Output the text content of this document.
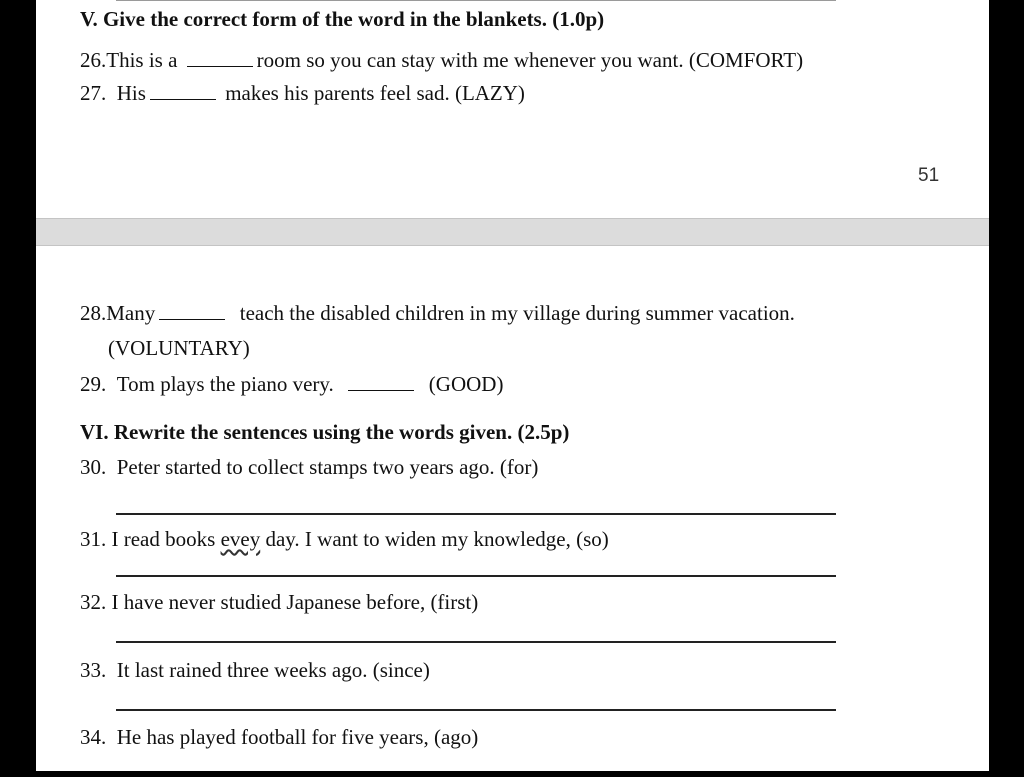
V. Give the correct form of the word in the blankets. (1.0p)
26.This is a	room so you can stay with me whenever you want. (COMFORT)
27. His	makes his parents feel sad. (LAZY)
51
28.Many	teach the disabled children in my village during summer vacation.
(VOLUNTARY)
29. Tom plays the piano very.	(GOOD)
VI. Rewrite the sentences using the words given. (2.5p)
30. Peter started to collect stamps two years ago. (for)
31. I read books evey day. I want to widen my knowledge, (so)
32. I have never studied Japanese before, (first)
33. It last rained three weeks ago. (since)
34. He has played football for five years, (ago)
